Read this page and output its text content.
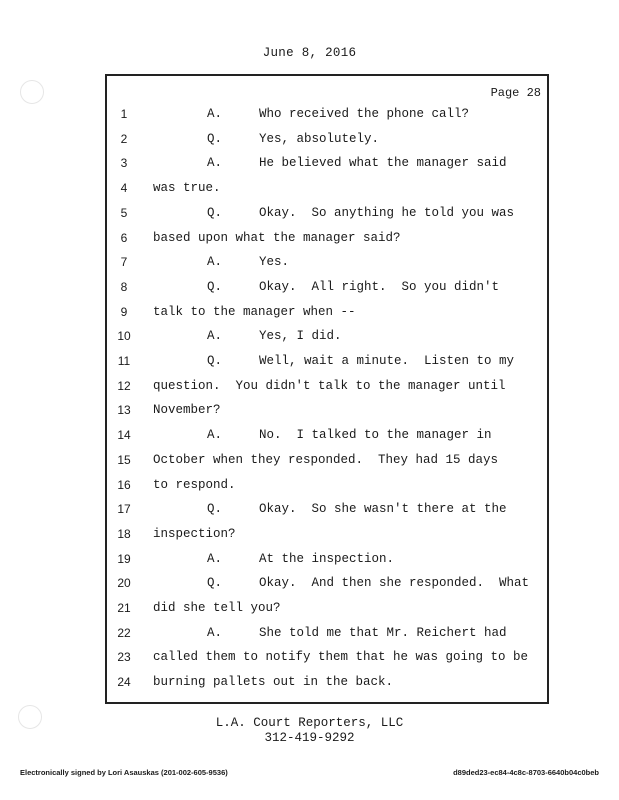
June 8, 2016
Page 28
1	A.	Who received the phone call?
2	Q.	Yes, absolutely.
3	A.	He believed what the manager said
4	was true.
5	Q.	Okay.  So anything he told you was
6	based upon what the manager said?
7	A.	Yes.
8	Q.	Okay.  All right.  So you didn't
9	talk to the manager when --
10	A.	Yes, I did.
11	Q.	Well, wait a minute.  Listen to my
12	question.  You didn't talk to the manager until
13	November?
14	A.	No.  I talked to the manager in
15	October when they responded.  They had 15 days
16	to respond.
17	Q.	Okay.  So she wasn't there at the
18	inspection?
19	A.	At the inspection.
20	Q.	Okay.  And then she responded.  What
21	did she tell you?
22	A.	She told me that Mr. Reichert had
23	called them to notify them that he was going to be
24	burning pallets out in the back.
L.A. Court Reporters, LLC
312-419-9292
Electronically signed by Lori Asauskas (201-002-605-9536)	d89ded23-ec84-4c8c-8703-6640b04c0beb
